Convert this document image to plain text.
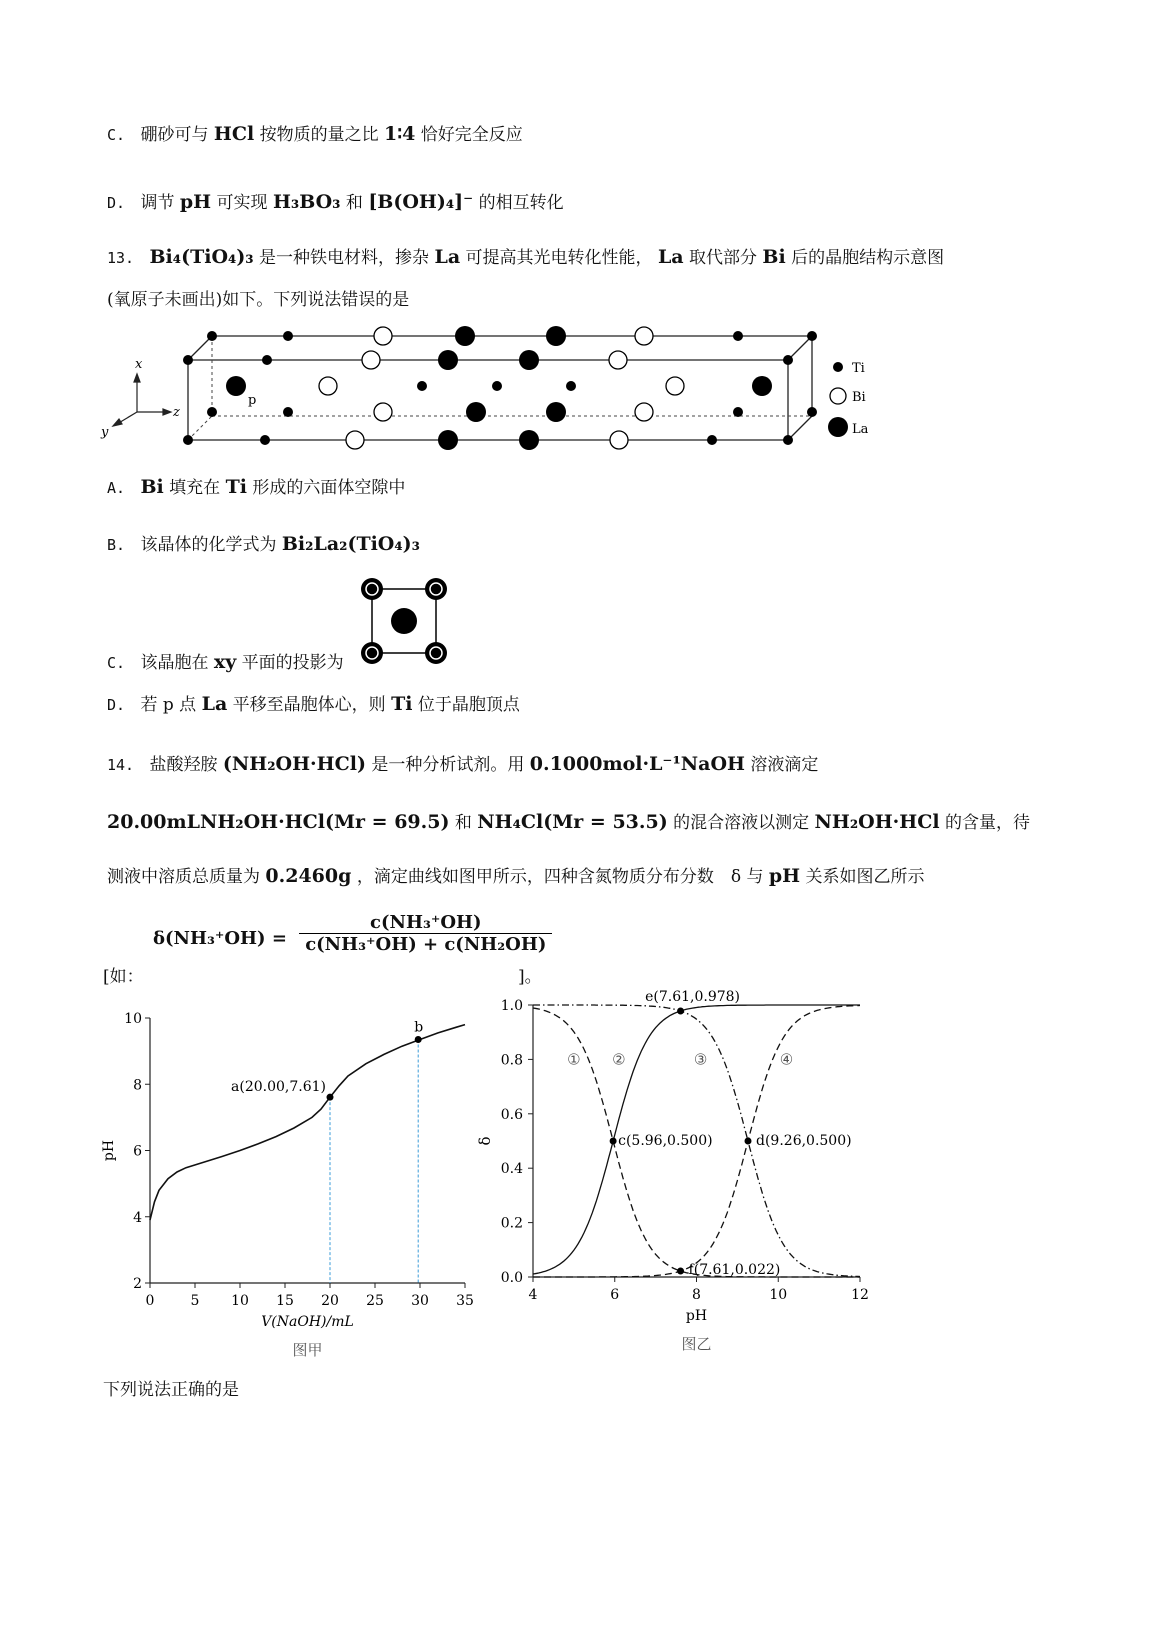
C. 硼砂可与 HCl 按物质的量之比 1∶4 恰好完全反应
D. 调节 pH 可实现 H₃BO₃ 和 [B(OH)₄]⁻ 的相互转化
13. Bi₄(TiO₄)₃ 是一种铁电材料，掺杂 La 可提高其光电转化性能， La 取代部分 Bi 后的晶胞结构示意图
(氧原子未画出)如下。下列说法错误的是
x
z
y
p
Ti
Bi
La
A. Bi 填充在 Ti 形成的六面体空隙中
B. 该晶体的化学式为 Bi₂La₂(TiO₄)₃
C. 该晶胞在 xy 平面的投影为
D. 若 p 点 La 平移至晶胞体心，则 Ti 位于晶胞顶点
14. 盐酸羟胺 (NH₂OH·HCl) 是一种分析试剂。用 0.1000mol·L⁻¹NaOH 溶液滴定
20.00mLNH₂OH·HCl(Mr = 69.5) 和 NH₄Cl(Mr = 53.5) 的混合溶液以测定 NH₂OH·HCl 的含量，待
测液中溶质总质量为 0.2460g ，滴定曲线如图甲所示，四种含氮物质分布分数　δ 与 pH 关系如图乙所示
$\delta(NH_3^+OH) = \frac{\text{c(NH₃⁺OH)}}{\text{c(NH₃⁺OH) + c(NH₂OH)}}$
[如：	]。
0	5 10 15 20 25 30 35
2
4
6
8
10
a(20.00,7.61)
b
V(NaOH)/mL
pH
图甲
4	6	8	10	12
0.0
0.2
0.4
0.6
0.8
1.0
① ②	③	④
e(7.61,0.978)
c(5.96,0.500)	d(9.26,0.500)
f(7.61,0.022)
pH
δ
图乙
下列说法正确的是
